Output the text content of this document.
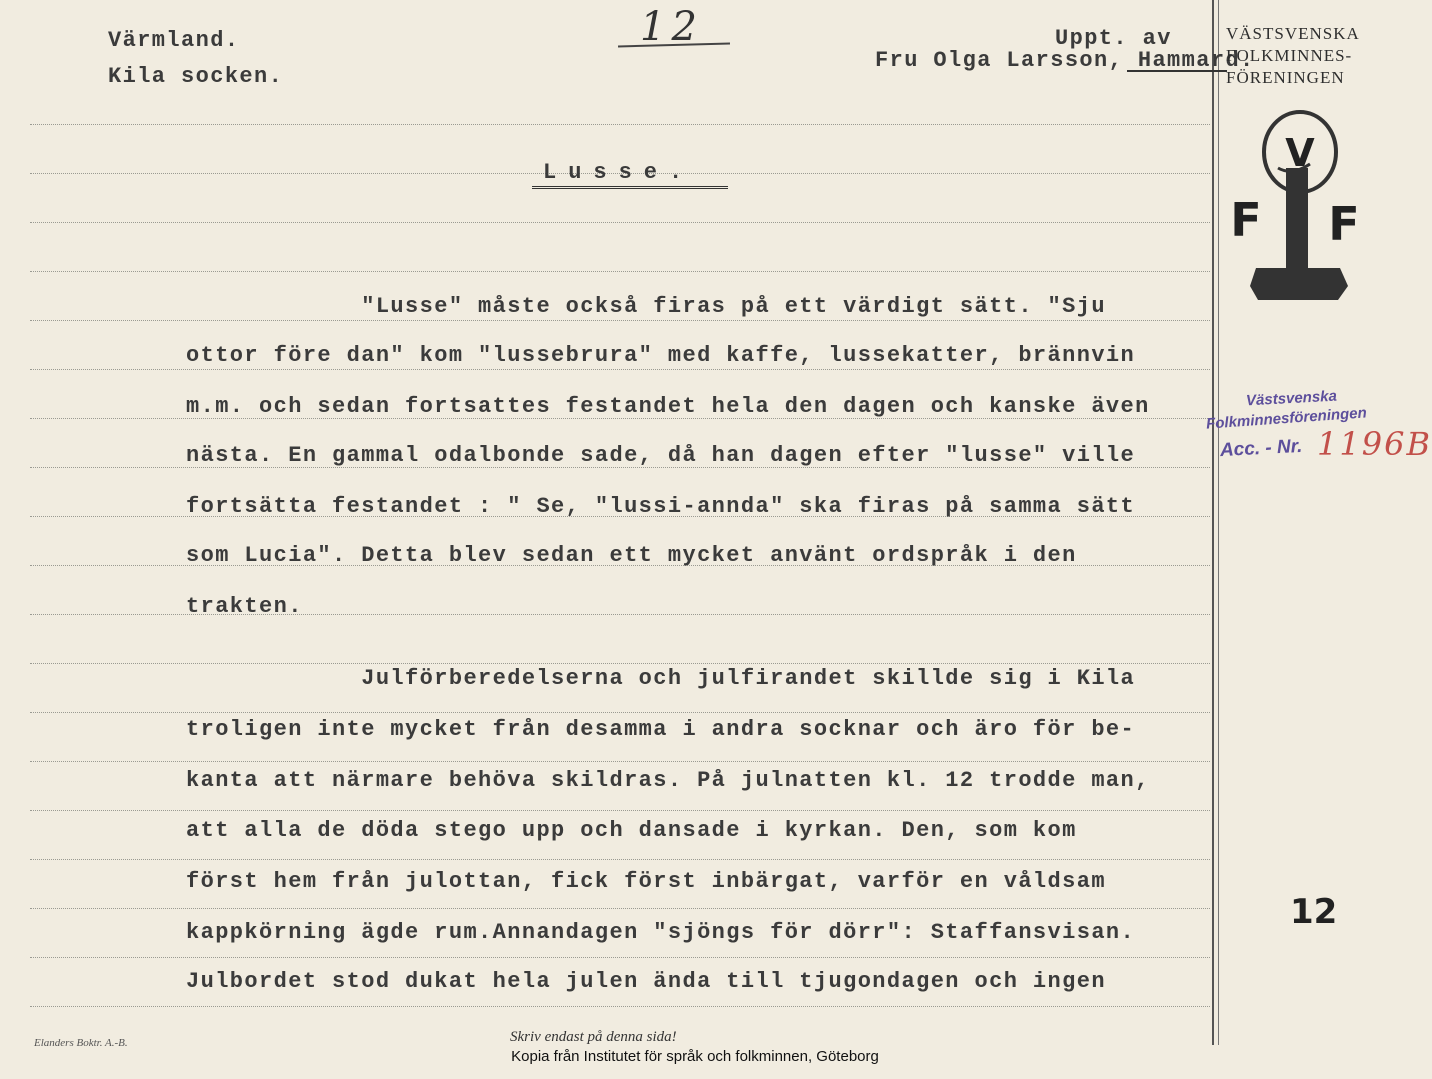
Värmland.
Kila socken.
12	Uppt. av
Fru Olga Larsson, Hammard.
Lusse.
"Lusse" måste också firas på ett värdigt sätt. "Sju
ottor före dan" kom "lussebrura" med kaffe, lussekatter, brännvin
m.m. och sedan fortsattes festandet hela den dagen och kanske även
nästa. En gammal odalbonde sade, då han dagen efter "lusse" ville
fortsätta festandet : " Se, "lussi-annda" ska firas på samma sätt
som Lucia". Detta blev sedan ett mycket använt ordspråk i den
trakten.
Julförberedelserna och julfirandet skillde sig i Kila
troligen inte mycket från desamma i andra socknar och äro för be-
kanta att närmare behöva skildras. På julnatten kl. 12 trodde man,
att alla de döda stego upp och dansade i kyrkan. Den, som kom
först hem från julottan, fick först inbärgat, varför en våldsam
kappkörning ägde rum.Annandagen "sjöngs för dörr": Staffansvisan.
Julbordet stod dukat hela julen ända till tjugondagen och ingen
VÄSTSVENSKA
FOLKMINNES-
FÖRENINGEN
V
F F
Västsvenska
Folkminnesföreningen
Acc. - Nr. 1196B
12
Elanders Boktr. A.-B.	Skriv endast på denna sida!
Kopia från Institutet för språk och folkminnen, Göteborg
